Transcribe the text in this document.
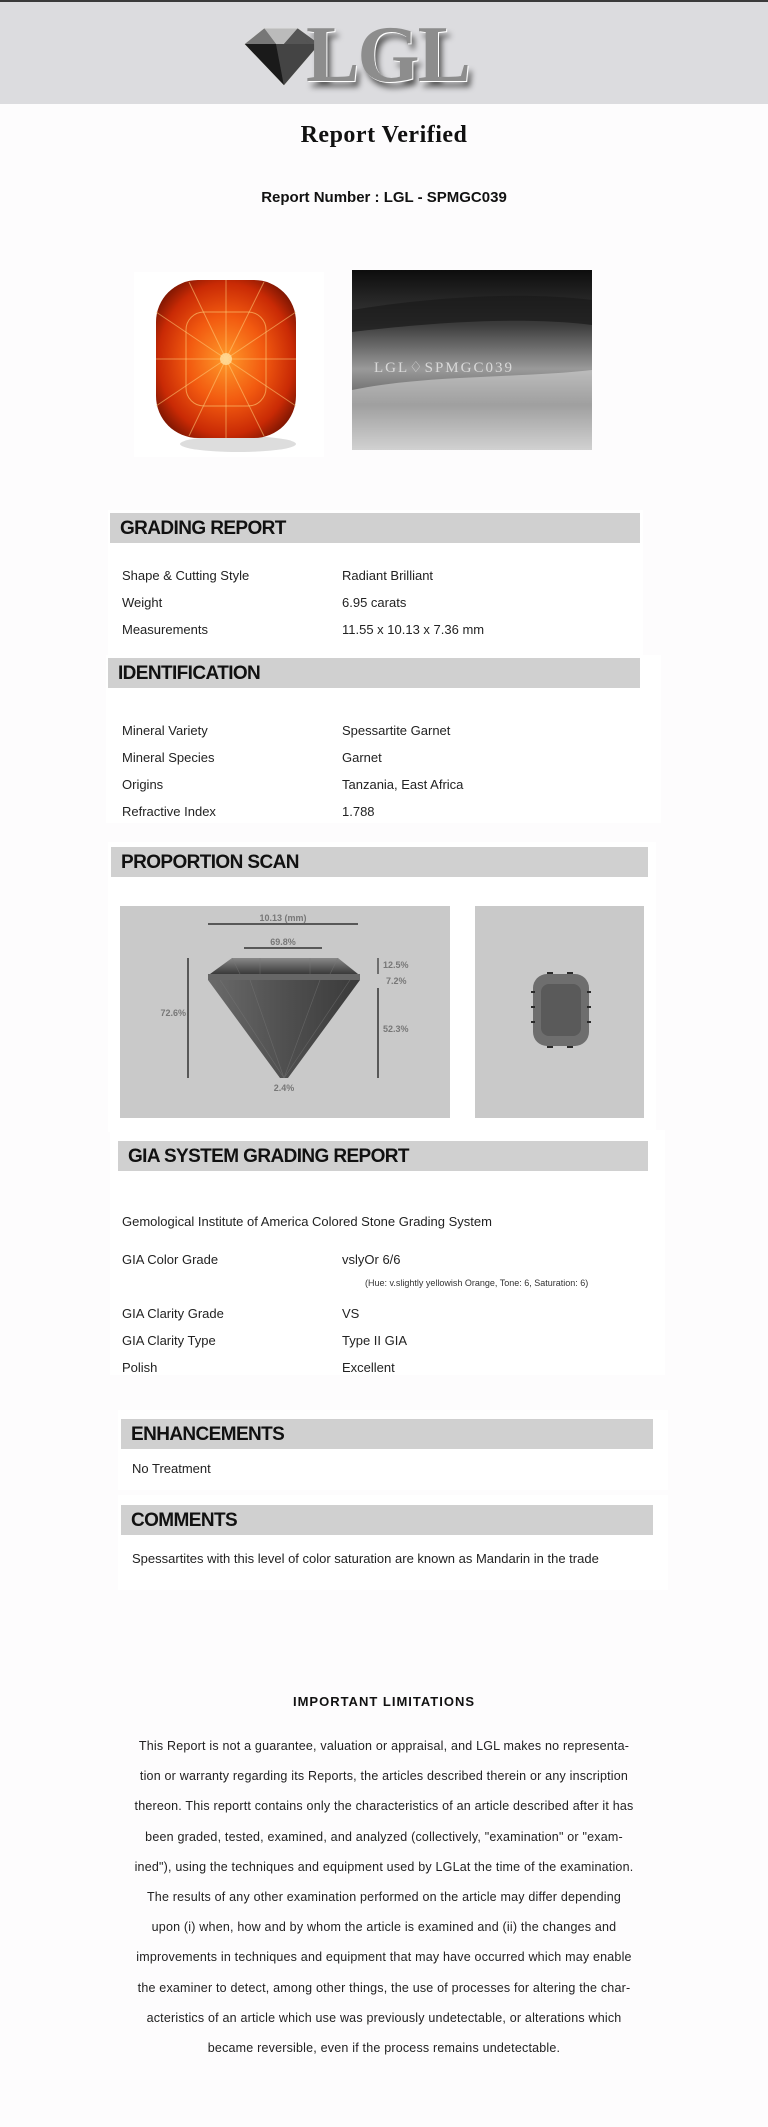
LGL
Report Verified
Report Number : LGL - SPMGC039
LGL♢SPMGC039
GRADING REPORT
Shape & Cutting Style	Radiant Brilliant
Weight	6.95 carats
Measurements	11.55 x 10.13 x 7.36 mm
IDENTIFICATION
Mineral Variety	Spessartite Garnet
Mineral Species	Garnet
Origins	Tanzania, East Africa
Refractive Index	1.788
PROPORTION SCAN
10.13 (mm)
69.8%
72.6%
12.5%
7.2%
52.3%
2.4%
GIA SYSTEM GRADING REPORT
Gemological Institute of America Colored Stone Grading System
GIA Color Grade	vslyOr 6/6
(Hue: v.slightly yellowish Orange, Tone: 6, Saturation: 6)
GIA Clarity Grade	VS
GIA Clarity Type	Type II GIA
Polish	Excellent
ENHANCEMENTS
No Treatment
COMMENTS
Spessartites with this level of color saturation are known as Mandarin in the trade
IMPORTANT LIMITATIONS
This Report is not a guarantee, valuation or appraisal, and LGL makes no representa-
tion or warranty regarding its Reports, the articles described therein or any inscription
thereon. This reportt contains only the characteristics of an article described after it has
been graded, tested, examined, and analyzed (collectively, "examination" or "exam-
ined"), using the techniques and equipment used by LGLat the time of the examination.
The results of any other examination performed on the article may differ depending
upon (i) when, how and by whom the article is examined and (ii) the changes and
improvements in techniques and equipment that may have occurred which may enable
the examiner to detect, among other things, the use of processes for altering the char-
acteristics of an article which use was previously undetectable, or alterations which
became reversible, even if the process remains undetectable.
